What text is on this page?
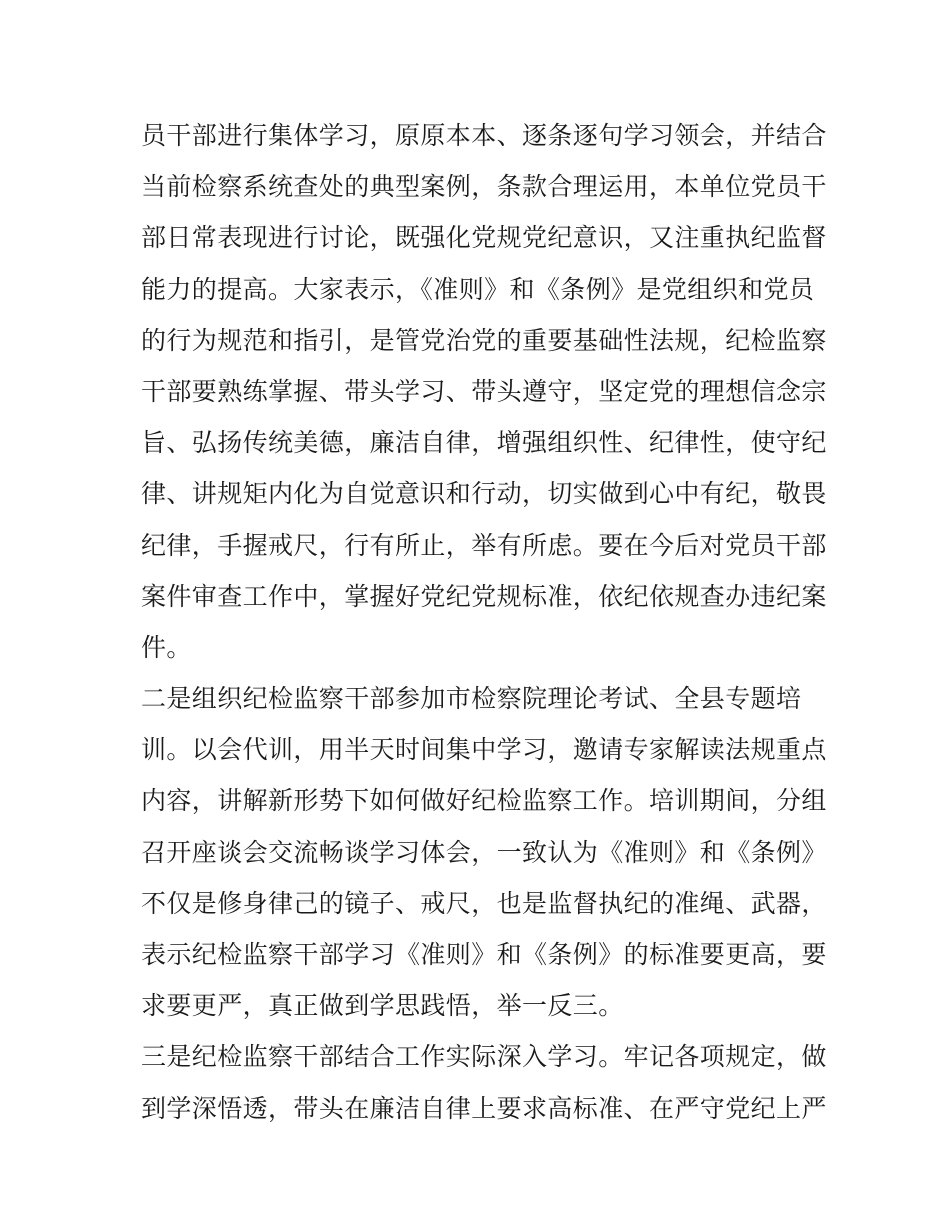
员干部进行集体学习，原原本本、逐条逐句学习领会，并结合
当前检察系统查处的典型案例，条款合理运用，本单位党员干
部日常表现进行讨论，既强化党规党纪意识，又注重执纪监督
能力的提高。大家表示，《准则》和《条例》是党组织和党员
的行为规范和指引，是管党治党的重要基础性法规，纪检监察
干部要熟练掌握、带头学习、带头遵守，坚定党的理想信念宗
旨、弘扬传统美德，廉洁自律，增强组织性、纪律性，使守纪
律、讲规矩内化为自觉意识和行动，切实做到心中有纪，敬畏
纪律，手握戒尺，行有所止，举有所虑。要在今后对党员干部
案件审查工作中，掌握好党纪党规标准，依纪依规查办违纪案
件。
二是组织纪检监察干部参加市检察院理论考试、全县专题培
训。以会代训，用半天时间集中学习，邀请专家解读法规重点
内容，讲解新形势下如何做好纪检监察工作。培训期间，分组
召开座谈会交流畅谈学习体会，一致认为《准则》和《条例》
不仅是修身律己的镜子、戒尺，也是监督执纪的准绳、武器，
表示纪检监察干部学习《准则》和《条例》的标准要更高，要
求要更严，真正做到学思践悟，举一反三。
三是纪检监察干部结合工作实际深入学习。牢记各项规定，做
到学深悟透，带头在廉洁自律上要求高标准、在严守党纪上严
